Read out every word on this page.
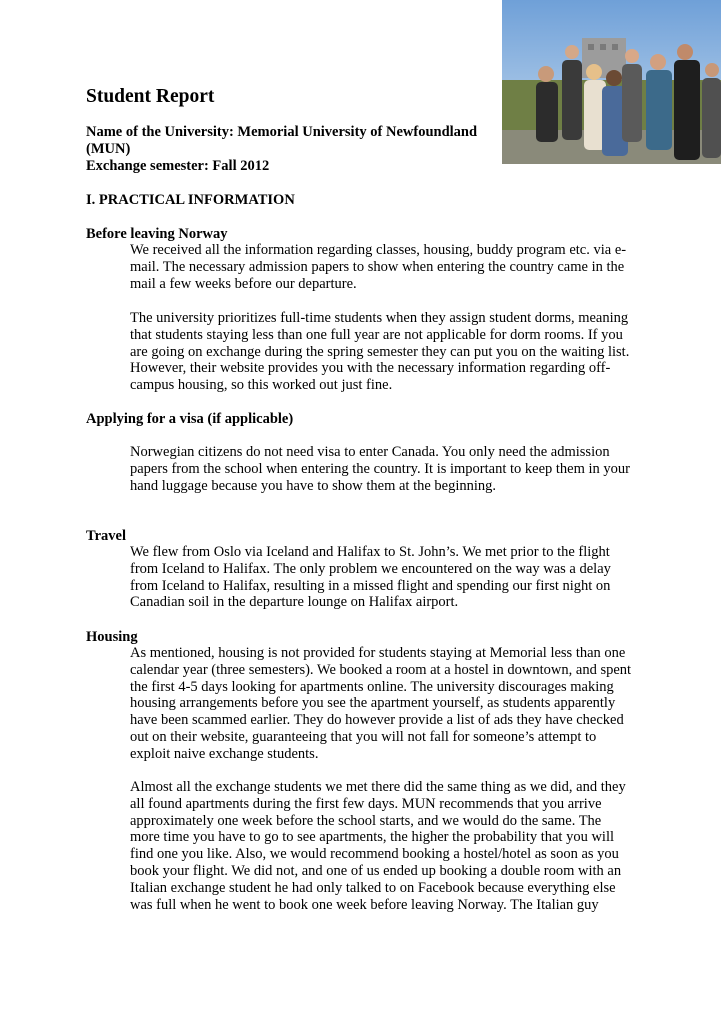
Student Report
Name of the University: Memorial University of Newfoundland
(MUN)
Exchange semester: Fall 2012
I. PRACTICAL INFORMATION
Before leaving Norway
We received all the information regarding classes, housing, buddy program etc. via e-
mail. The necessary admission papers to show when entering the country came in the
mail a few weeks before our departure.
The university prioritizes full-time students when they assign student dorms, meaning
that students staying less than one full year are not applicable for dorm rooms. If you
are going on exchange during the spring semester they can put you on the waiting list.
However, their website provides you with the necessary information regarding off-
campus housing, so this worked out just fine.
Applying for a visa (if applicable)
Norwegian citizens do not need visa to enter Canada. You only need the admission
papers from the school when entering the country. It is important to keep them in your
hand luggage because you have to show them at the beginning.
Travel
We flew from Oslo via Iceland and Halifax to St. John’s. We met prior to the flight
from Iceland to Halifax. The only problem we encountered on the way was a delay
from Iceland to Halifax, resulting in a missed flight and spending our first night on
Canadian soil in the departure lounge on Halifax airport.
Housing
As mentioned, housing is not provided for students staying at Memorial less than one
calendar year (three semesters). We booked a room at a hostel in downtown, and spent
the first 4-5 days looking for apartments online. The university discourages making
housing arrangements before you see the apartment yourself, as students apparently
have been scammed earlier. They do however provide a list of ads they have checked
out on their website, guaranteeing that you will not fall for someone’s attempt to
exploit naive exchange students.
Almost all the exchange students we met there did the same thing as we did, and they
all found apartments during the first few days. MUN recommends that you arrive
approximately one week before the school starts, and we would do the same. The
more time you have to go to see apartments, the higher the probability that you will
find one you like. Also, we would recommend booking a hostel/hotel as soon as you
book your flight. We did not, and one of us ended up booking a double room with an
Italian exchange student he had only talked to on Facebook because everything else
was full when he went to book one week before leaving Norway. The Italian guy
